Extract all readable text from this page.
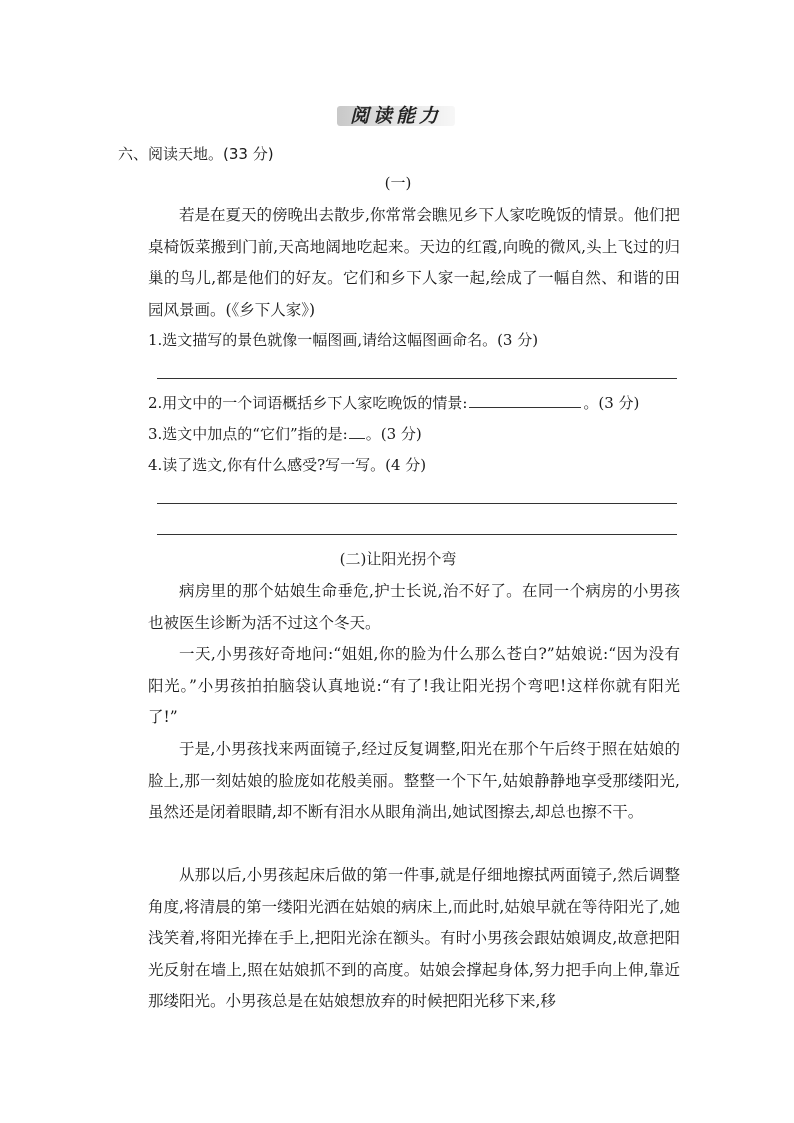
阅读能力
六、阅读天地。(33 分)
(一)

若是在夏天的傍晚出去散步,你常常会瞧见乡下人家吃晚饭的情景。他们把桌椅饭菜搬到门前,天高地阔地吃起来。天边的红霞,向晚的微风,头上飞过的归巢的鸟儿,都是他们的好友。它们和乡下人家一起,绘成了一幅自然、和谐的田园风景画。(《乡下人家》)

1.选文描写的景色就像一幅图画,请给这幅图画命名。(3 分)
2.用文中的一个词语概括乡下人家吃晚饭的情景:	。(3 分)
3.选文中加点的“它们”指的是: 。(3 分)
4.读了选文,你有什么感受?写一写。(4 分)
(二)让阳光拐个弯

病房里的那个姑娘生命垂危,护士长说,治不好了。在同一个病房的小男孩也被医生诊断为活不过这个冬天。

一天,小男孩好奇地问:“姐姐,你的脸为什么那么苍白?”姑娘说:“因为没有阳光。”小男孩拍拍脑袋认真地说:“有了!我让阳光拐个弯吧!这样你就有阳光了!”

于是,小男孩找来两面镜子,经过反复调整,阳光在那个午后终于照在姑娘的脸上,那一刻姑娘的脸庞如花般美丽。整整一个下午,姑娘静静地享受那缕阳光,虽然还是闭着眼睛,却不断有泪水从眼角淌出,她试图擦去,却总也擦不干。

从那以后,小男孩起床后做的第一件事,就是仔细地擦拭两面镜子,然后调整角度,将清晨的第一缕阳光洒在姑娘的病床上,而此时,姑娘早就在等待阳光了,她浅笑着,将阳光捧在手上,把阳光涂在额头。有时小男孩会跟姑娘调皮,故意把阳光反射在墙上,照在姑娘抓不到的高度。姑娘会撑起身体,努力把手向上伸,靠近那缕阳光。小男孩总是在姑娘想放弃的时候把阳光移下来,移
